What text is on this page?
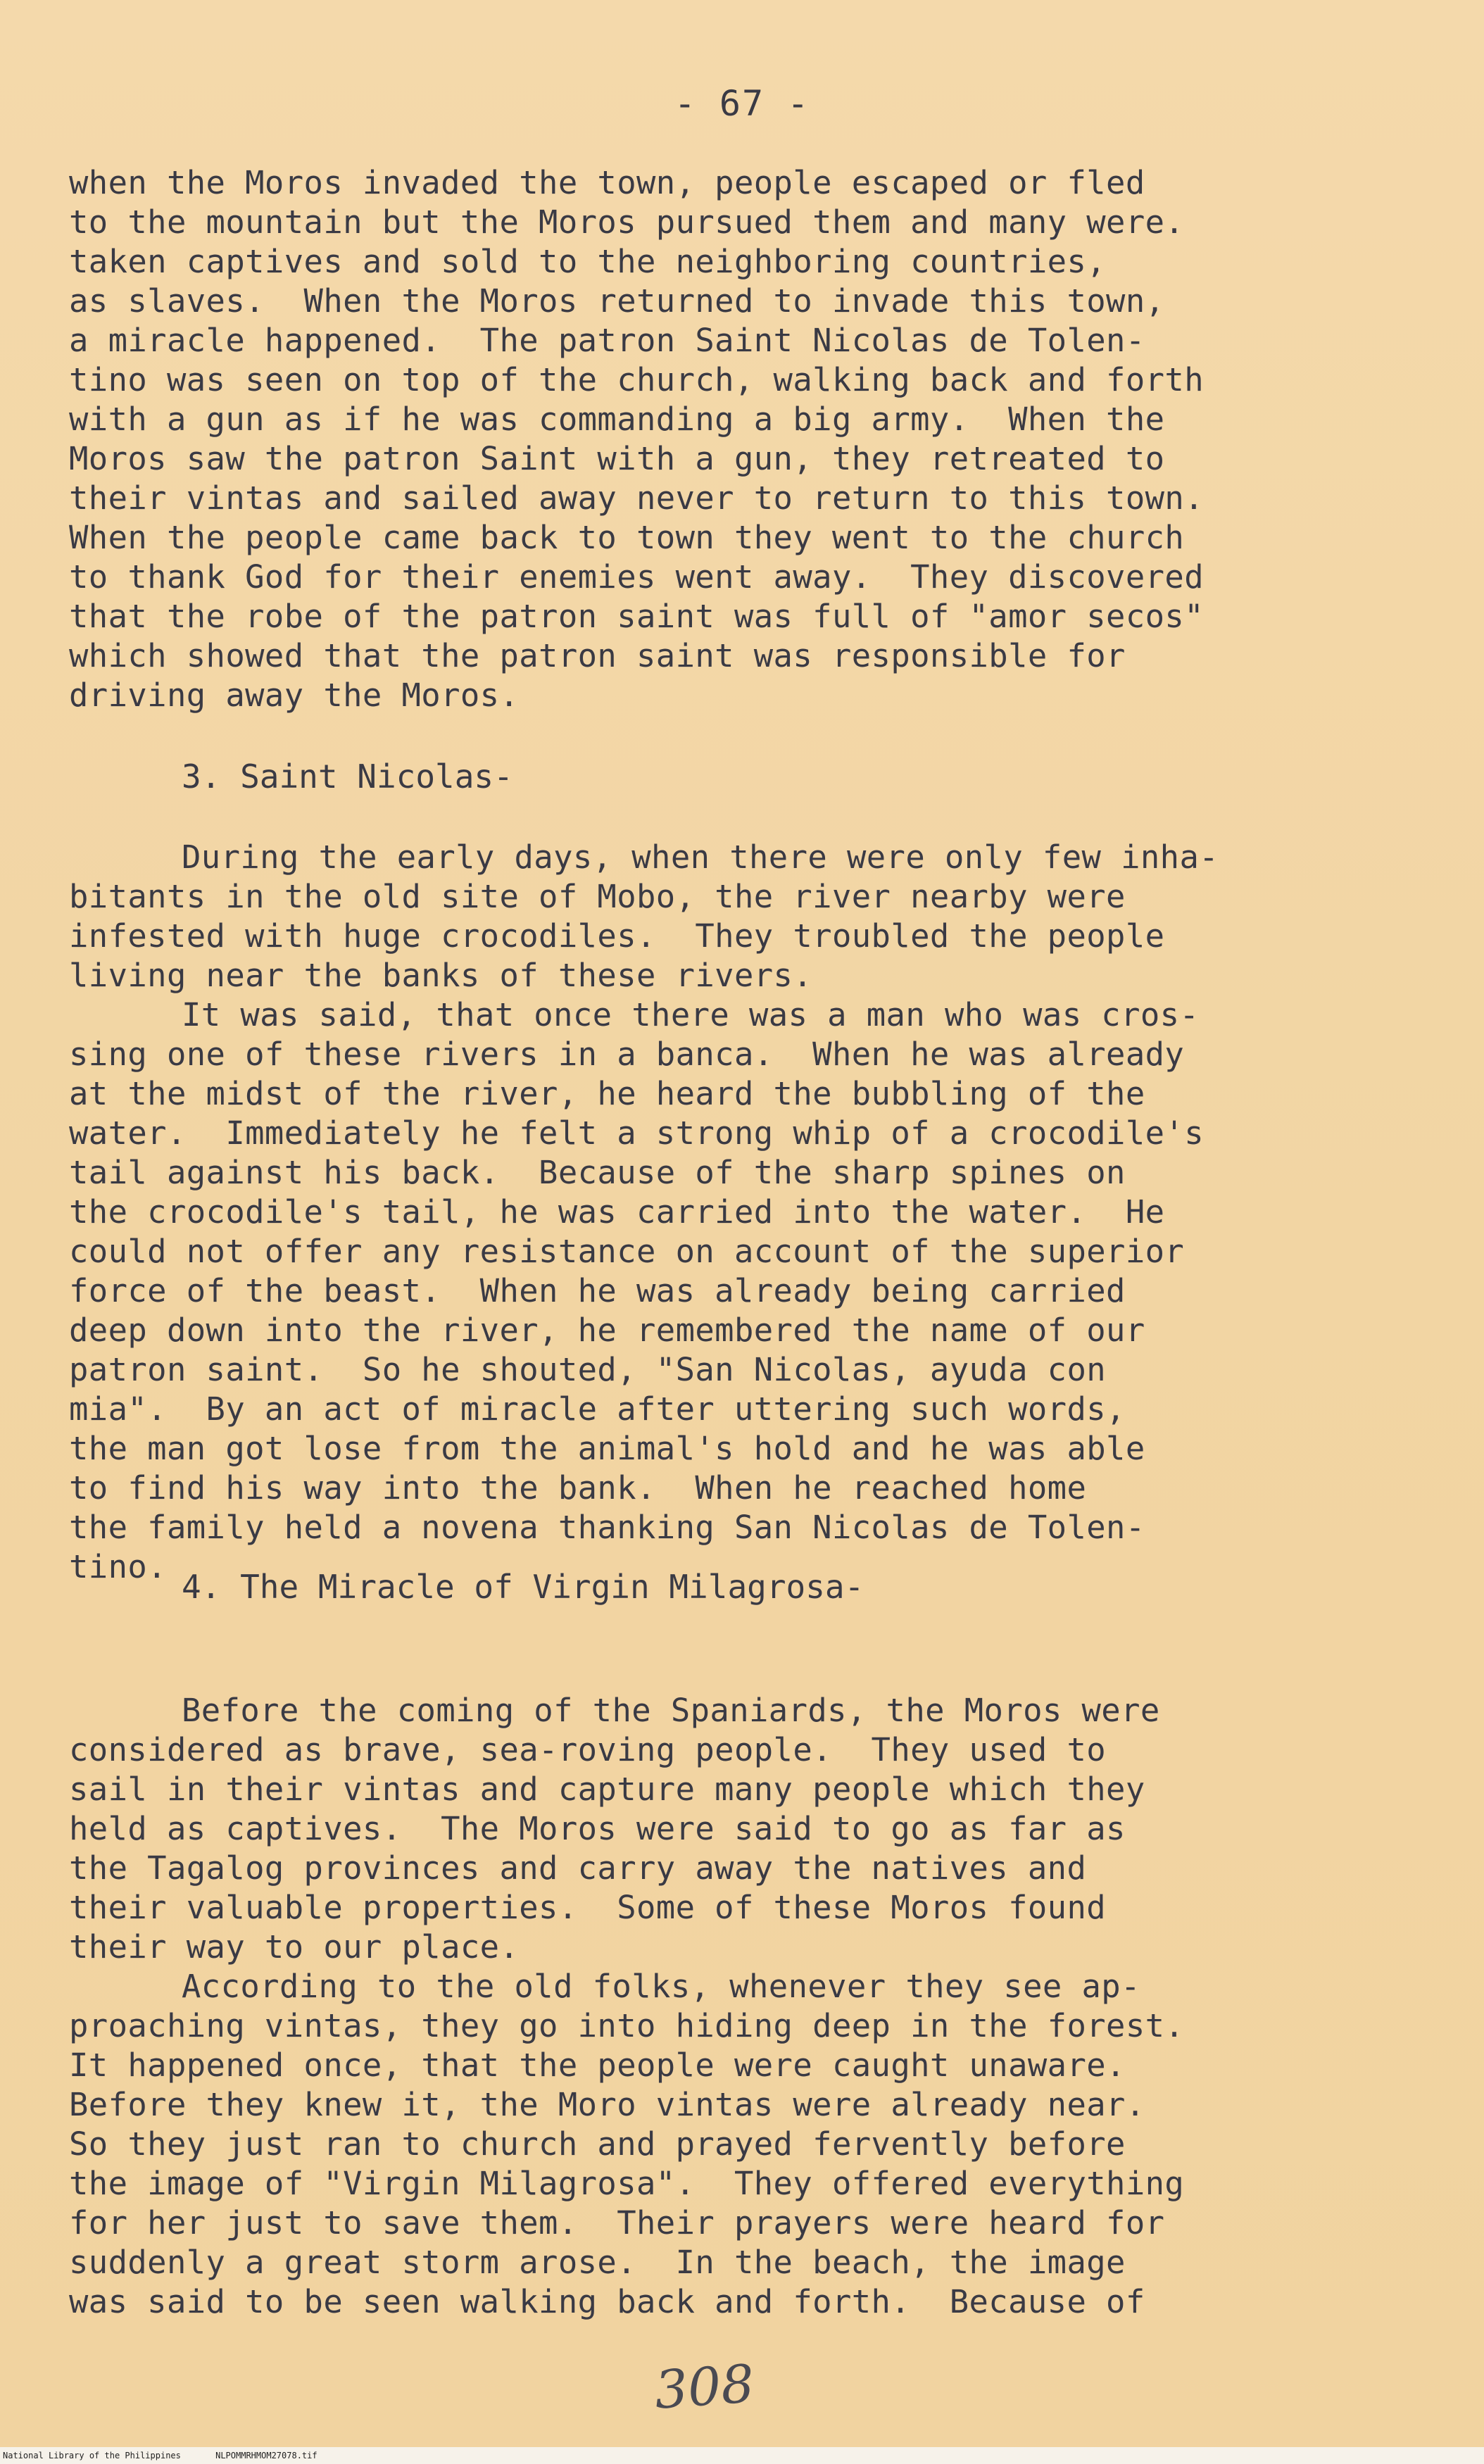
- 67 -
when the Moros invaded the town, people escaped or fled
to the mountain but the Moros pursued them and many were.
taken captives and sold to the neighboring countries,
as slaves.  When the Moros returned to invade this town,
a miracle happened.  The patron Saint Nicolas de Tolen-
tino was seen on top of the church, walking back and forth
with a gun as if he was commanding a big army.  When the
Moros saw the patron Saint with a gun, they retreated to
their vintas and sailed away never to return to this town.
When the people came back to town they went to the church
to thank God for their enemies went away.  They discovered
that the robe of the patron saint was full of "amor secos"
which showed that the patron saint was responsible for
driving away the Moros.
3. Saint Nicolas-
During the early days, when there were only few inha-
bitants in the old site of Mobo, the river nearby were
infested with huge crocodiles.  They troubled the people
living near the banks of these rivers.
It was said, that once there was a man who was cros-
sing one of these rivers in a banca.  When he was already
at the midst of the river, he heard the bubbling of the
water.  Immediately he felt a strong whip of a crocodile's
tail against his back.  Because of the sharp spines on
the crocodile's tail, he was carried into the water.  He
could not offer any resistance on account of the superior
force of the beast.  When he was already being carried
deep down into the river, he remembered the name of our
patron saint.  So he shouted, "San Nicolas, ayuda con
mia".  By an act of miracle after uttering such words,
the man got lose from the animal's hold and he was able
to find his way into the bank.  When he reached home
the family held a novena thanking San Nicolas de Tolen-
tino.
4. The Miracle of Virgin Milagrosa-
Before the coming of the Spaniards, the Moros were
considered as brave, sea-roving people.  They used to
sail in their vintas and capture many people which they
held as captives.  The Moros were said to go as far as
the Tagalog provinces and carry away the natives and
their valuable properties.  Some of these Moros found
their way to our place.
According to the old folks, whenever they see ap-
proaching vintas, they go into hiding deep in the forest.
It happened once, that the people were caught unaware.
Before they knew it, the Moro vintas were already near.
So they just ran to church and prayed fervently before
the image of "Virgin Milagrosa".  They offered everything
for her just to save them.  Their prayers were heard for
suddenly a great storm arose.  In the beach, the image
was said to be seen walking back and forth.  Because of
308
National Library of the Philippines	NLPOMMRHMOM27078.tif
